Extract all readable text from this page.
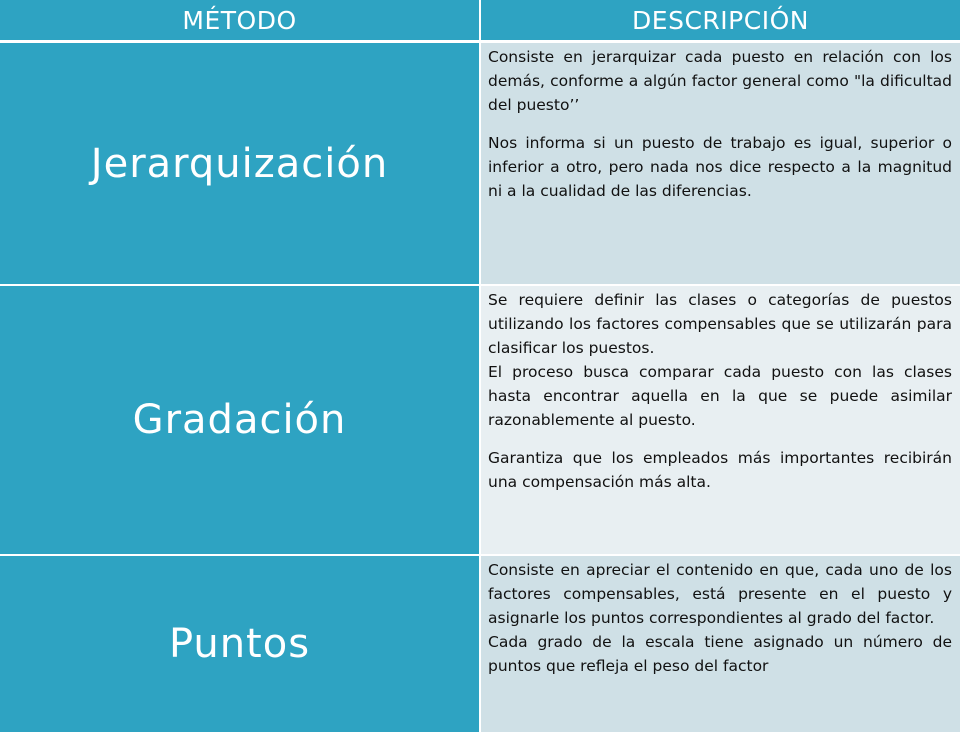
MÉTODO	DESCRIPCIÓN
Jerarquización	Consiste en jerarquizar cada puesto en relación con los demás, conforme a algún factor general como "la dificultad del puesto’’

Nos informa si un puesto de trabajo es igual, superior o inferior a otro, pero nada nos dice respecto a la magnitud ni a la cualidad de las diferencias.

Gradación	Se requiere definir las clases o categorías de puestos utilizando los factores compensables que se utilizarán para clasificar los puestos.

El proceso busca comparar cada puesto con las clases hasta encontrar aquella en la que se puede asimilar razonablemente al puesto.

Garantiza que los empleados más importantes recibirán una compensación más alta.

Puntos	Consiste en apreciar el contenido en que, cada uno de los factores compensables, está presente en el puesto y asignarle los puntos correspondientes al grado del factor.

Cada grado de la escala tiene asignado un número de puntos que refleja el peso del factor
